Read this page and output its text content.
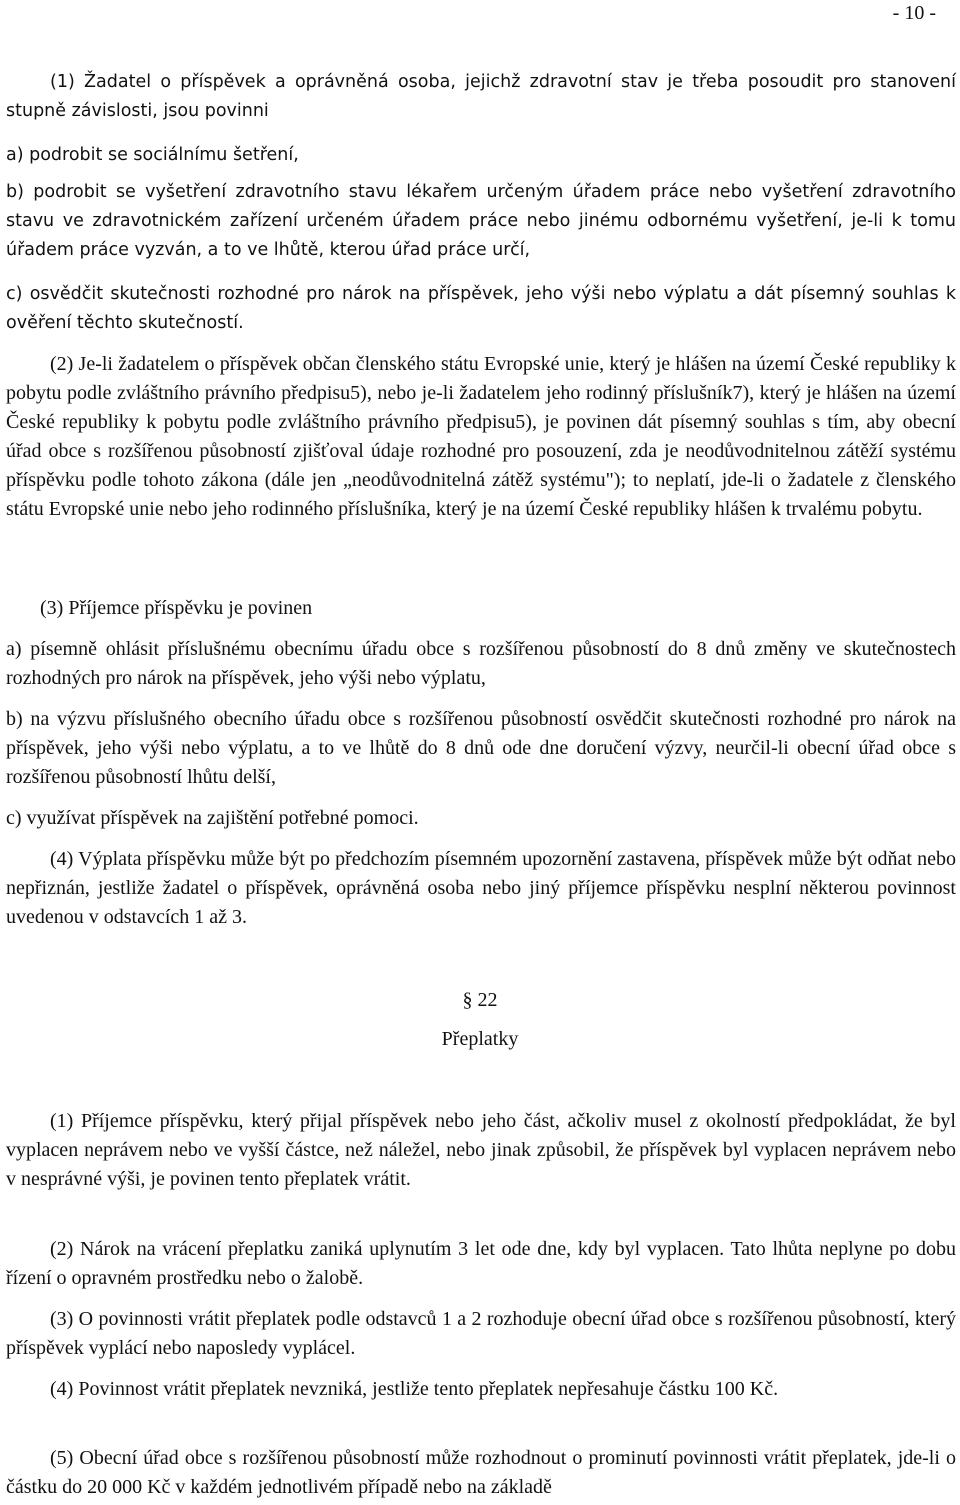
- 10 -

(1) Žadatel o příspěvek a oprávněná osoba, jejichž zdravotní stav je třeba posoudit pro stanovení stupně závislosti, jsou povinni

a) podrobit se sociálnímu šetření,

b) podrobit se vyšetření zdravotního stavu lékařem určeným úřadem práce nebo vyšetření zdravotního stavu ve zdravotnickém zařízení určeném úřadem práce nebo jinému odbornému vyšetření, je-li k tomu úřadem práce vyzván, a to ve lhůtě, kterou úřad práce určí,

c) osvědčit skutečnosti rozhodné pro nárok na příspěvek, jeho výši nebo výplatu a dát písemný souhlas k ověření těchto skutečností.

(2) Je-li žadatelem o příspěvek občan členského státu Evropské unie, který je hlášen na území České republiky k pobytu podle zvláštního právního předpisu5), nebo je-li žadatelem jeho rodinný příslušník7), který je hlášen na území České republiky k pobytu podle zvláštního právního předpisu5), je povinen dát písemný souhlas s tím, aby obecní úřad obce s rozšířenou působností zjišťoval údaje rozhodné pro posouzení, zda je neodůvodnitelnou zátěží systému příspěvku podle tohoto zákona (dále jen „neodůvodnitelná zátěž systému"); to neplatí, jde-li o žadatele z členského státu Evropské unie nebo jeho rodinného příslušníka, který je na území České republiky hlášen k trvalému pobytu.

(3) Příjemce příspěvku je povinen

a) písemně ohlásit příslušnému obecnímu úřadu obce s rozšířenou působností do 8 dnů změny ve skutečnostech rozhodných pro nárok na příspěvek, jeho výši nebo výplatu,

b) na výzvu příslušného obecního úřadu obce s rozšířenou působností osvědčit skutečnosti rozhodné pro nárok na příspěvek, jeho výši nebo výplatu, a to ve lhůtě do 8 dnů ode dne doručení výzvy, neurčil-li obecní úřad obce s rozšířenou působností lhůtu delší,

c) využívat příspěvek na zajištění potřebné pomoci.

(4) Výplata příspěvku může být po předchozím písemném upozornění zastavena, příspěvek může být odňat nebo nepřiznán, jestliže žadatel o příspěvek, oprávněná osoba nebo jiný příjemce příspěvku nesplní některou povinnost uvedenou v odstavcích 1 až 3.

§ 22
Přeplatky

(1) Příjemce příspěvku, který přijal příspěvek nebo jeho část, ačkoliv musel z okolností předpokládat, že byl vyplacen neprávem nebo ve vyšší částce, než náležel, nebo jinak způsobil, že příspěvek byl vyplacen neprávem nebo v nesprávné výši, je povinen tento přeplatek vrátit.

(2) Nárok na vrácení přeplatku zaniká uplynutím 3 let ode dne, kdy byl vyplacen. Tato lhůta neplyne po dobu řízení o opravném prostředku nebo o žalobě.

(3) O povinnosti vrátit přeplatek podle odstavců 1 a 2 rozhoduje obecní úřad obce s rozšířenou působností, který příspěvek vyplácí nebo naposledy vyplácel.

(4) Povinnost vrátit přeplatek nevzniká, jestliže tento přeplatek nepřesahuje částku 100 Kč.

(5) Obecní úřad obce s rozšířenou působností může rozhodnout o prominutí povinnosti vrátit přeplatek, jde-li o částku do 20 000 Kč v každém jednotlivém případě nebo na základě
